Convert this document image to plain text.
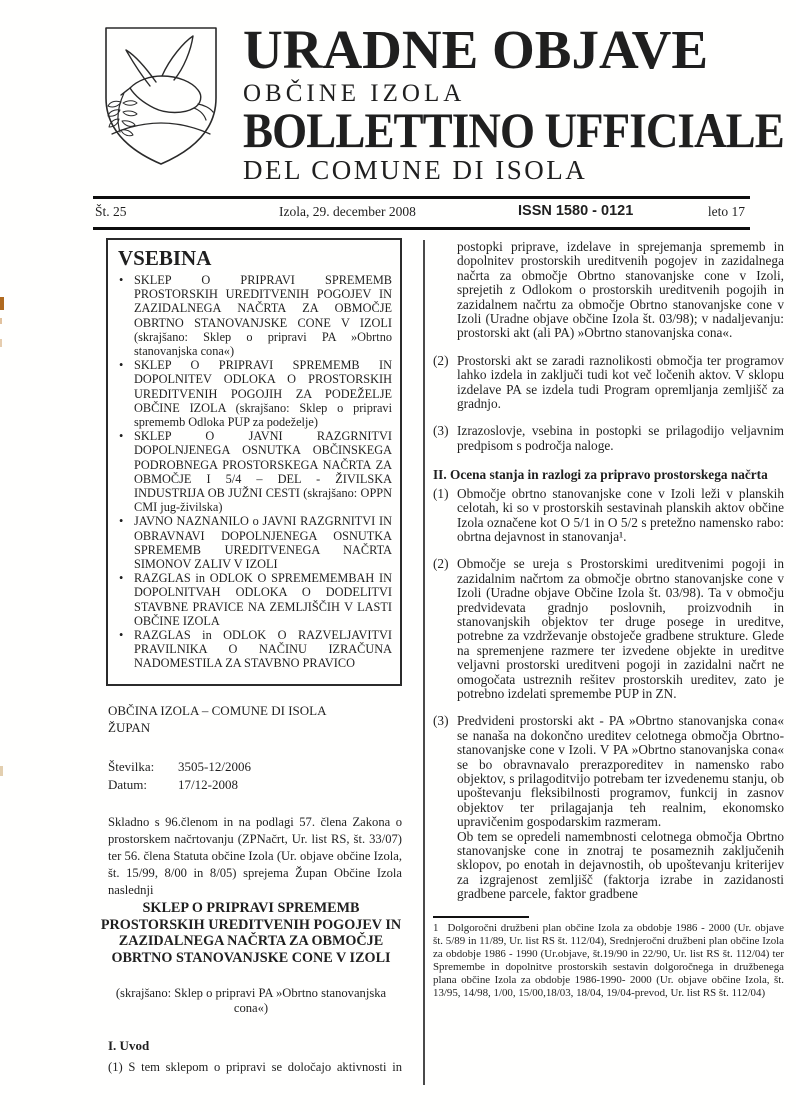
URADNE OBJAVE
OBČINE IZOLA
BOLLETTINO UFFICIALE
DEL COMUNE DI ISOLA
Št. 25	Izola, 29. december 2008	ISSN 1580 - 0121	leto 17
VSEBINA
• SKLEP O PRIPRAVI SPREMEMB PROSTORSKIH UREDITVENIH POGOJEV IN ZAZIDALNEGA NAČRTA ZA OBMOČJE OBRTNO STANOVANJSKE CONE V IZOLI (skrajšano: Sklep o pripravi PA »Obrtno stanovanjska cona«)
• SKLEP O PRIPRAVI SPREMEMB IN DOPOLNITEV ODLOKA O PROSTORSKIH UREDITVENIH POGOJIH ZA PODEŽELJE OBČINE IZOLA (skrajšano: Sklep o pripravi sprememb Odloka PUP za podeželje)
• SKLEP O JAVNI RAZGRNITVI DOPOLNJENEGA OSNUTKA OBČINSKEGA PODROBNEGA PROSTORSKEGA NAČRTA ZA OBMOČJE I 5/4 – DEL - ŽIVILSKA INDUSTRIJA OB JUŽNI CESTI (skrajšano: OPPN CMI jug-živilska)
• JAVNO NAZNANILO o JAVNI RAZGRNITVI IN OBRAVNAVI DOPOLNJENEGA OSNUTKA SPREMEMB UREDITVENEGA NAČRTA SIMONOV ZALIV V IZOLI
• RAZGLAS in ODLOK O SPREMEMEMBAH IN DOPOLNITVAH ODLOKA O DODELITVI STAVBNE PRAVICE NA ZEMLJIŠČIH V LASTI OBČINE IZOLA
• RAZGLAS in ODLOK O RAZVELJAVITVI PRAVILNIKA O NAČINU IZRAČUNA NADOMESTILA ZA STAVBNO PRAVICO
OBČINA IZOLA – COMUNE DI ISOLA
ŽUPAN
Številka: 3505-12/2006
Datum: 17/12-2008
Skladno s 96.členom in na podlagi 57. člena Zakona o prostorskem načrtovanju (ZPNačrt, Ur. list RS, št. 33/07) ter 56. člena Statuta občine Izola (Ur. objave občine Izola, št. 15/99, 8/00 in 8/05) sprejema Župan Občine Izola naslednji
SKLEP O PRIPRAVI SPREMEMB PROSTORSKIH UREDITVENIH POGOJEV IN ZAZIDALNEGA NAČRTA ZA OBMOČJE OBRTNO STANOVANJSKE CONE V IZOLI
(skrajšano: Sklep o pripravi PA »Obrtno stanovanjska cona«)
I. Uvod
(1) S tem sklepom o pripravi se določajo aktivnosti in
postopki priprave, izdelave in sprejemanja sprememb in dopolnitev prostorskih ureditvenih pogojev in zazidalnega načrta za območje Obrtno stanovanjske cone v Izoli, sprejetih z Odlokom o prostorskih ureditvenih pogojih in zazidalnem načrtu za območje Obrtno stanovanjske cone v Izoli (Uradne objave občine Izola št. 03/98); v nadaljevanju: prostorski akt (ali PA) »Obrtno stanovanjska cona«.
(2) Prostorski akt se zaradi raznolikosti območja ter programov lahko izdela in zaključi tudi kot več ločenih aktov. V sklopu izdelave PA se izdela tudi Program opremljanja zemljišč za gradnjo.
(3) Izrazoslovje, vsebina in postopki se prilagodijo veljavnim predpisom s področja naloge.
II. Ocena stanja in razlogi za pripravo prostorskega načrta
(1) Območje obrtno stanovanjske cone v Izoli leži v planskih celotah, ki so v prostorskih sestavinah planskih aktov občine Izola označene kot O 5/1 in O 5/2 s pretežno namensko rabo: obrtna dejavnost in stanovanja¹.
(2) Območje se ureja s Prostorskimi ureditvenimi pogoji in zazidalnim načrtom za območje obrtno stanovanjske cone v Izoli (Uradne objave Občine Izola št. 03/98). Ta v območju predvidevata gradnjo poslovnih, proizvodnih in stanovanjskih objektov ter druge posege in ureditve, potrebne za vzdrževanje obstoječe gradbene strukture. Glede na spremenjene razmere ter izvedene objekte in ureditve veljavni prostorski ureditveni pogoji in zazidalni načrt ne omogočata ustreznih rešitev prostorskih ureditev, zato je potrebno izdelati spremembe PUP in ZN.
(3) Predvideni prostorski akt - PA »Obrtno stanovanjska cona« se nanaša na dokončno ureditev celotnega območja Obrtno-stanovanjske cone v Izoli. V PA »Obrtno stanovanjska cona« se bo obravnavalo prerazporeditev in namensko rabo objektov, s prilagoditvijo potrebam ter izvedenemu stanju, ob upoštevanju fleksibilnosti programov, funkcij in zasnov objektov ter prilagajanja teh realnim, ekonomsko upravičenim gospodarskim razmeram.
Ob tem se opredeli namembnosti celotnega območja Obrtno stanovanjske cone in znotraj te posameznih zaključenih sklopov, po enotah in dejavnostih, ob upoštevanju kriterijev za izgrajenost zemljišč (faktorja izrabe in zazidanosti gradbene parcele, faktor gradbene
1 Dolgoročni družbeni plan občine Izola za obdobje 1986 - 2000 (Ur. objave št. 5/89 in 11/89, Ur. list RS št. 112/04), Srednjeročni družbeni plan občine Izola za obdobje 1986 - 1990 (Ur.objave, št.19/90 in 22/90, Ur. list RS št. 112/04) ter Spremembe in dopolnitve prostorskih sestavin dolgoročnega in družbenega plana občine Izola za obdobje 1986-1990- 2000 (Ur. objave občine Izola, št. 13/95, 14/98, 1/00, 15/00,18/03, 18/04, 19/04-prevod, Ur. list RS št. 112/04)
